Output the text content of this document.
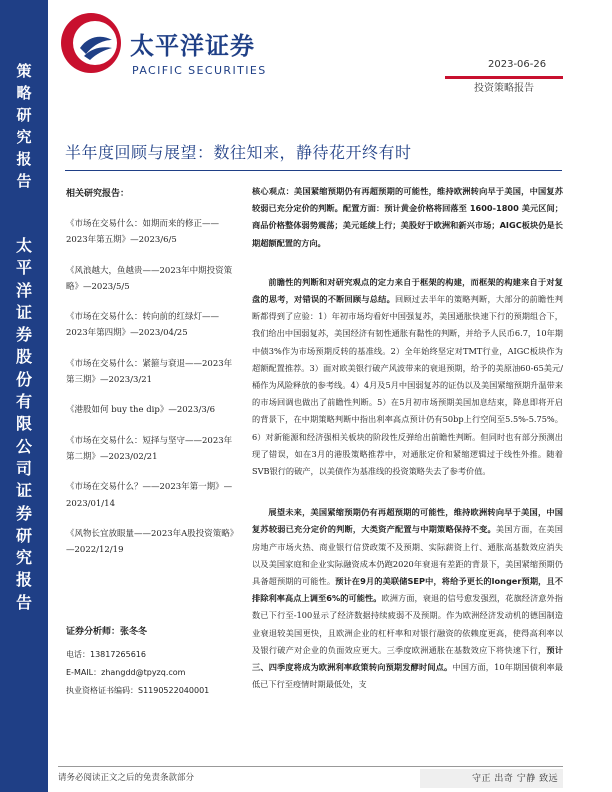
策
略
研
究
报
告
太
平
洋
证
券
股
份
有
限
公
司
证
券
研
究
报
告
太平洋证券
PACIFIC SECURITIES	2023-06-26
投资策略报告
半年度回顾与展望：数往知来，静待花开终有时
相关研究报告：
《市场在交易什么：如期而来的修正——2023年第五期》—2023/6/5
《风浪越大，鱼越贵——2023年中期投资策略》—2023/5/5
《市场在交易什么：转向前的红绿灯——2023年第四期》—2023/04/25
《市场在交易什么：紧箍与衰退——2023年第三期》—2023/3/21
《港股如何 buy the dip》—2023/3/6
《市场在交易什么：短择与坚守——2023年第二期》—2023/02/21
《市场在交易什么？——2023年第一期》—2023/01/14
《风物长宜放眼量——2023年A股投资策略》—2022/12/19
证券分析师：张冬冬
电话：13817265616
E-MAIL：zhangdd@tpyzq.com
执业资格证书编码：S1190522040001

核心观点：美国紧缩预期仍有再超预期的可能性，维持欧洲转向早于美国，中国复苏较弱已充分定价的判断。配置方面：预计黄金价格将回落至 1600-1800 美元区间；商品价格整体弱势震荡；美元延续上行；美股好于欧洲和新兴市场；AIGC板块仍是长期超额配置的方向。

前瞻性的判断和对研究观点的定力来自于框架的构建，而框架的构建来自于对复盘的思考，对错误的不断回顾与总结。回顾过去半年的策略判断，大部分的前瞻性判断都得到了应验：1）年初市场均看好中国强复苏，美国通胀快速下行的预期组合下，我们给出中国弱复苏，美国经济有韧性通胀有黏性的判断，并给予人民币6.7，10年期中债3%作为市场预期反转的基准线。2）全年始终坚定对TMT行业，AIGC板块作为超额配置推荐。3）面对欧美银行破产风波带来的衰退预期，给予的美原油60-65美元/桶作为风险释放的参考线。4）4月及5月中国弱复苏的证伪以及美国紧缩预期升温带来的市场回调也做出了前瞻性判断。5）在5月初市场预期美国加息结束，降息即将开启的背景下，在中期策略判断中指出利率高点预计仍有50bp上行空间至5.5%-5.75%。6）对新能源和经济强相关板块的阶段性反弹给出前瞻性判断。但同时也有部分预测出现了错误，如在3月的港股策略推荐中，对通胀定价和紧缩逻辑过于线性外推。随着SVB银行的破产，以美债作为基准线的投资策略失去了参考价值。

展望未来，美国紧缩预期仍有再超预期的可能性，维持欧洲转向早于美国，中国复苏较弱已充分定价的判断，大类资产配置与中期策略保持不变。美国方面，在美国房地产市场火热、商业银行信贷政策不及预期、实际薪资上行、通胀高基数效应消失以及美国家庭和企业实际融资成本仍跑2020年衰退有差距的背景下，美国紧缩预期仍具备超预期的可能性。预计在9月的美联储SEP中，将给予更长的longer预期，且不排除利率高点上调至6%的可能性。欧洲方面，衰退的信号愈发强烈，花旗经济意外指数已下行至-100显示了经济数据持续疲弱不及预期。作为欧洲经济发动机的德国制造业衰退较美国更快，且欧洲企业的杠杆率和对银行融资的依赖度更高，使得高利率以及银行破产对企业的负面效应更大。三季度欧洲通胀在基数效应下将快速下行，预计三、四季度将成为欧洲利率政策转向预期发酵时间点。中国方面，10年期国债利率最低已下行至疫情时期最低处，支

请务必阅读正文之后的免责条款部分	守正 出奇 宁静 致远
